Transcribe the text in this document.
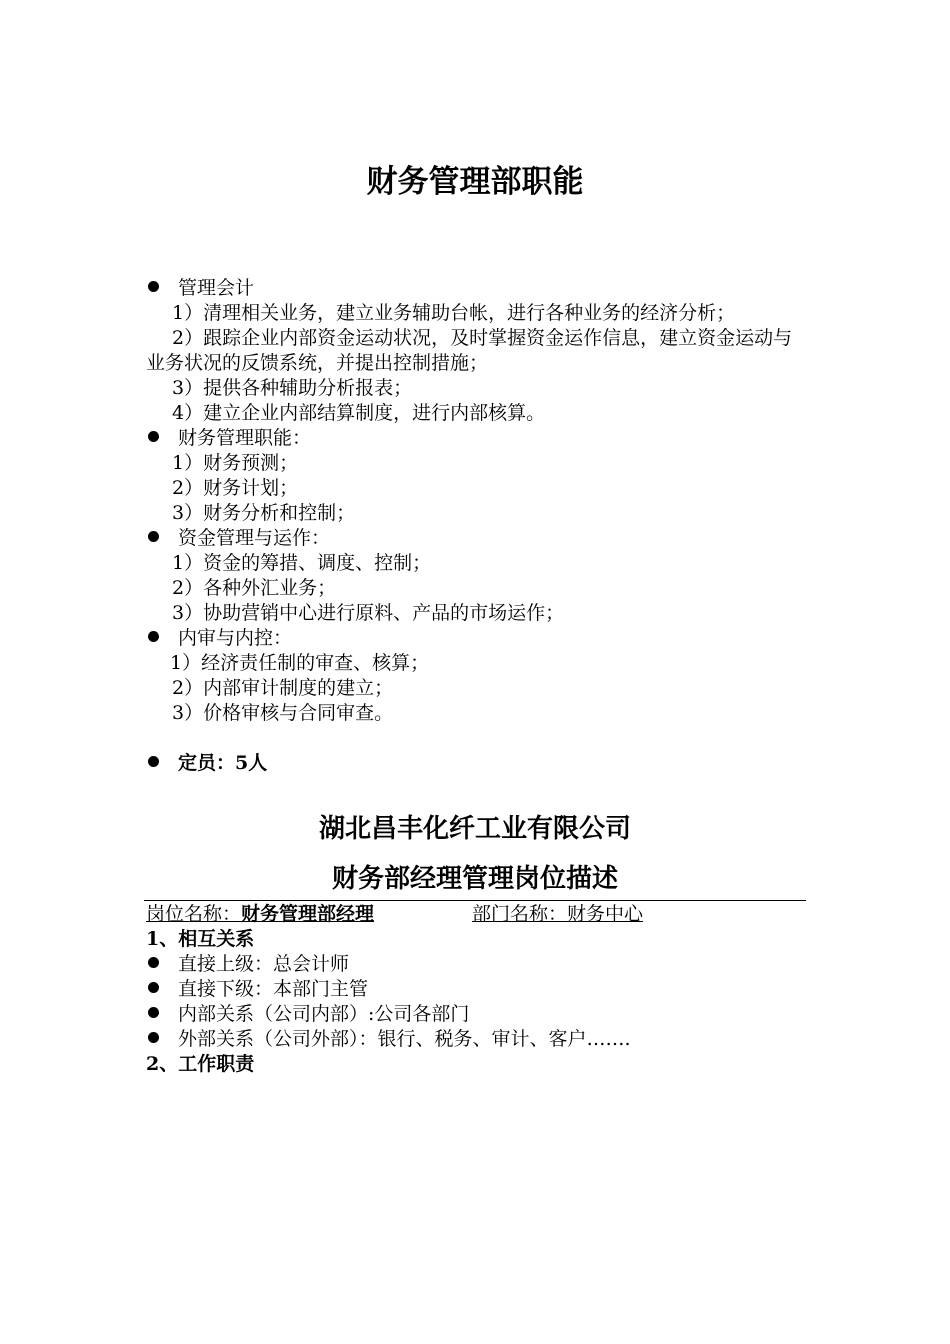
财务管理部职能
管理会计
1）清理相关业务，建立业务辅助台帐，进行各种业务的经济分析；
2）跟踪企业内部资金运动状况，及时掌握资金运作信息，建立资金运动与业务状况的反馈系统，并提出控制措施；
3）提供各种辅助分析报表；
4）建立企业内部结算制度，进行内部核算。
财务管理职能：
1）财务预测；
2）财务计划；
3）财务分析和控制；
资金管理与运作：
1）资金的筹措、调度、控制；
2）各种外汇业务；
3）协助营销中心进行原料、产品的市场运作；
内审与内控：
1）经济责任制的审查、核算；
2）内部审计制度的建立；
3）价格审核与合同审查。
定员：5人
湖北昌丰化纤工业有限公司
财务部经理管理岗位描述
岗位名称：财务管理部经理	部门名称：财务中心
1、相互关系
直接上级：总会计师
直接下级：本部门主管
内部关系（公司内部）:公司各部门
外部关系（公司外部）：银行、税务、审计、客户…….
2、工作职责
